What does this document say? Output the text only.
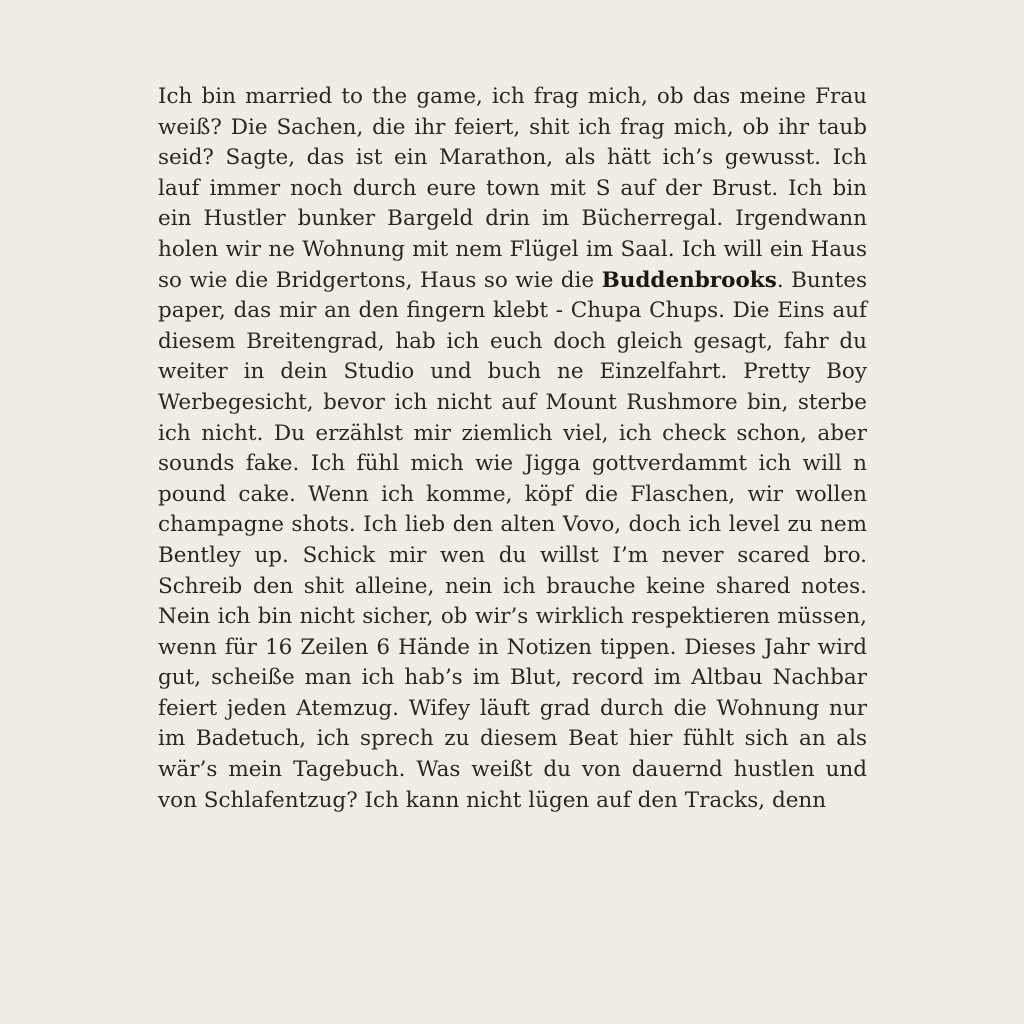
Ich bin married to the game, ich frag mich, ob das meine Frau weiß? Die Sachen, die ihr feiert, shit ich frag mich, ob ihr taub seid? Sagte, das ist ein Marathon, als hätt ich’s gewusst. Ich lauf immer noch durch eure town mit S auf der Brust. Ich bin ein Hustler bunker Bargeld drin im Bücherregal. Irgendwann holen wir ne Wohnung mit nem Flügel im Saal. Ich will ein Haus so wie die Bridgertons, Haus so wie die Buddenbrooks. Buntes paper, das mir an den fingern klebt - Chupa Chups. Die Eins auf diesem Breitengrad, hab ich euch doch gleich gesagt, fahr du weiter in dein Studio und buch ne Einzelfahrt. Pretty Boy Werbegesicht, bevor ich nicht auf Mount Rushmore bin, sterbe ich nicht. Du erzählst mir ziemlich viel, ich check schon, aber sounds fake. Ich fühl mich wie Jigga gottverdammt ich will n pound cake. Wenn ich komme, köpf die Flaschen, wir wollen champagne shots. Ich lieb den alten Vovo, doch ich level zu nem Bentley up. Schick mir wen du willst I’m never scared bro. Schreib den shit alleine, nein ich brauche keine shared notes. Nein ich bin nicht sicher, ob wir’s wirklich respektieren müssen, wenn für 16 Zeilen 6 Hände in Notizen tippen. Dieses Jahr wird gut, scheiße man ich hab’s im Blut, record im Altbau Nachbar feiert jeden Atemzug. Wifey läuft grad durch die Wohnung nur im Badetuch, ich sprech zu diesem Beat hier fühlt sich an als wär’s mein Tagebuch. Was weißt du von dauernd hustlen und von Schlafentzug? Ich kann nicht lügen auf den Tracks, denn
